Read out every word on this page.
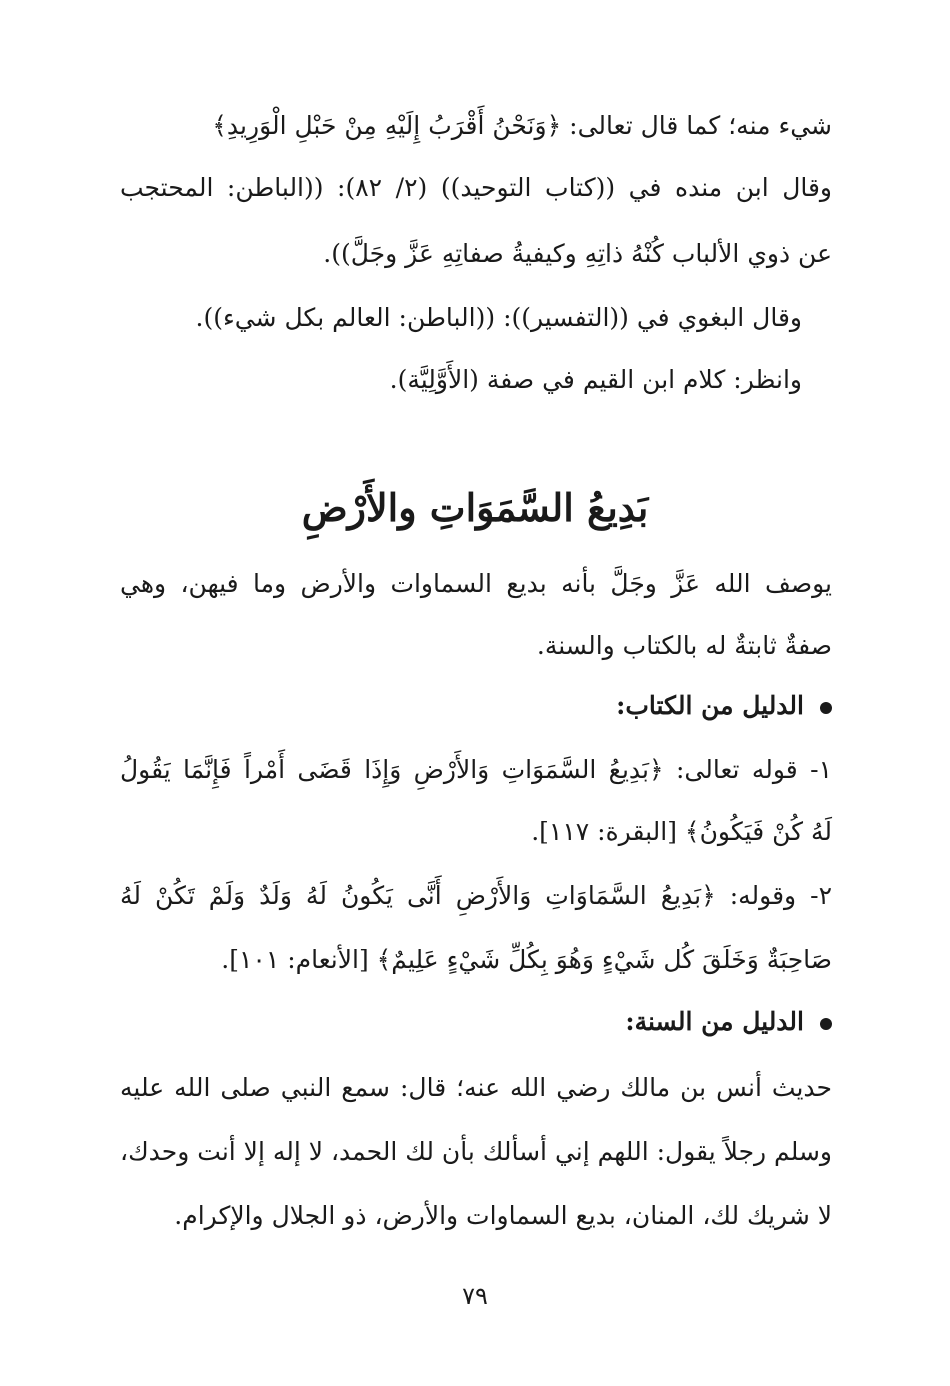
شيء منه؛ كما قال تعالى: ﴿وَنَحْنُ أَقْرَبُ إِلَيْهِ مِنْ حَبْلِ الْوَرِيدِ﴾
وقال ابن منده في ((كتاب التوحيد)) (٢/ ٨٢): ((الباطن: المحتجب
عن ذوي الألباب كُنْهُ ذاتِهِ وكيفيةُ صفاتِهِ عَزَّ وجَلَّ)).
وقال البغوي في ((التفسير)): ((الباطن: العالم بكل شيء)).
وانظر: كلام ابن القيم في صفة (الأَوَّلِيَّة).
بَدِيعُ السَّمَوَاتِ والأَرْضِ
يوصف الله عَزَّ وجَلَّ بأنه بديع السماوات والأرض وما فيهن، وهي
صفةٌ ثابتةٌ له بالكتاب والسنة.
الدليل من الكتاب:
١- قوله تعالى: ﴿بَدِيعُ السَّمَوَاتِ وَالأَرْضِ وَإِذَا قَضَى أَمْراً فَإِنَّمَا يَقُولُ
لَهُ كُنْ فَيَكُونُ﴾ [البقرة: ١١٧].
٢- وقوله: ﴿بَدِيعُ السَّمَاوَاتِ وَالأَرْضِ أَنَّى يَكُونُ لَهُ وَلَدٌ وَلَمْ تَكُنْ لَهُ
صَاحِبَةٌ وَخَلَقَ كُل شَيْءٍ وَهُوَ بِكُلِّ شَيْءٍ عَلِيمٌ﴾ [الأنعام: ١٠١].
الدليل من السنة:
حديث أنس بن مالك رضي الله عنه؛ قال: سمع النبي صلى الله عليه
وسلم رجلاً يقول: اللهم إني أسألك بأن لك الحمد، لا إله إلا أنت وحدك،
لا شريك لك، المنان، بديع السماوات والأرض، ذو الجلال والإكرام.
٧٩
